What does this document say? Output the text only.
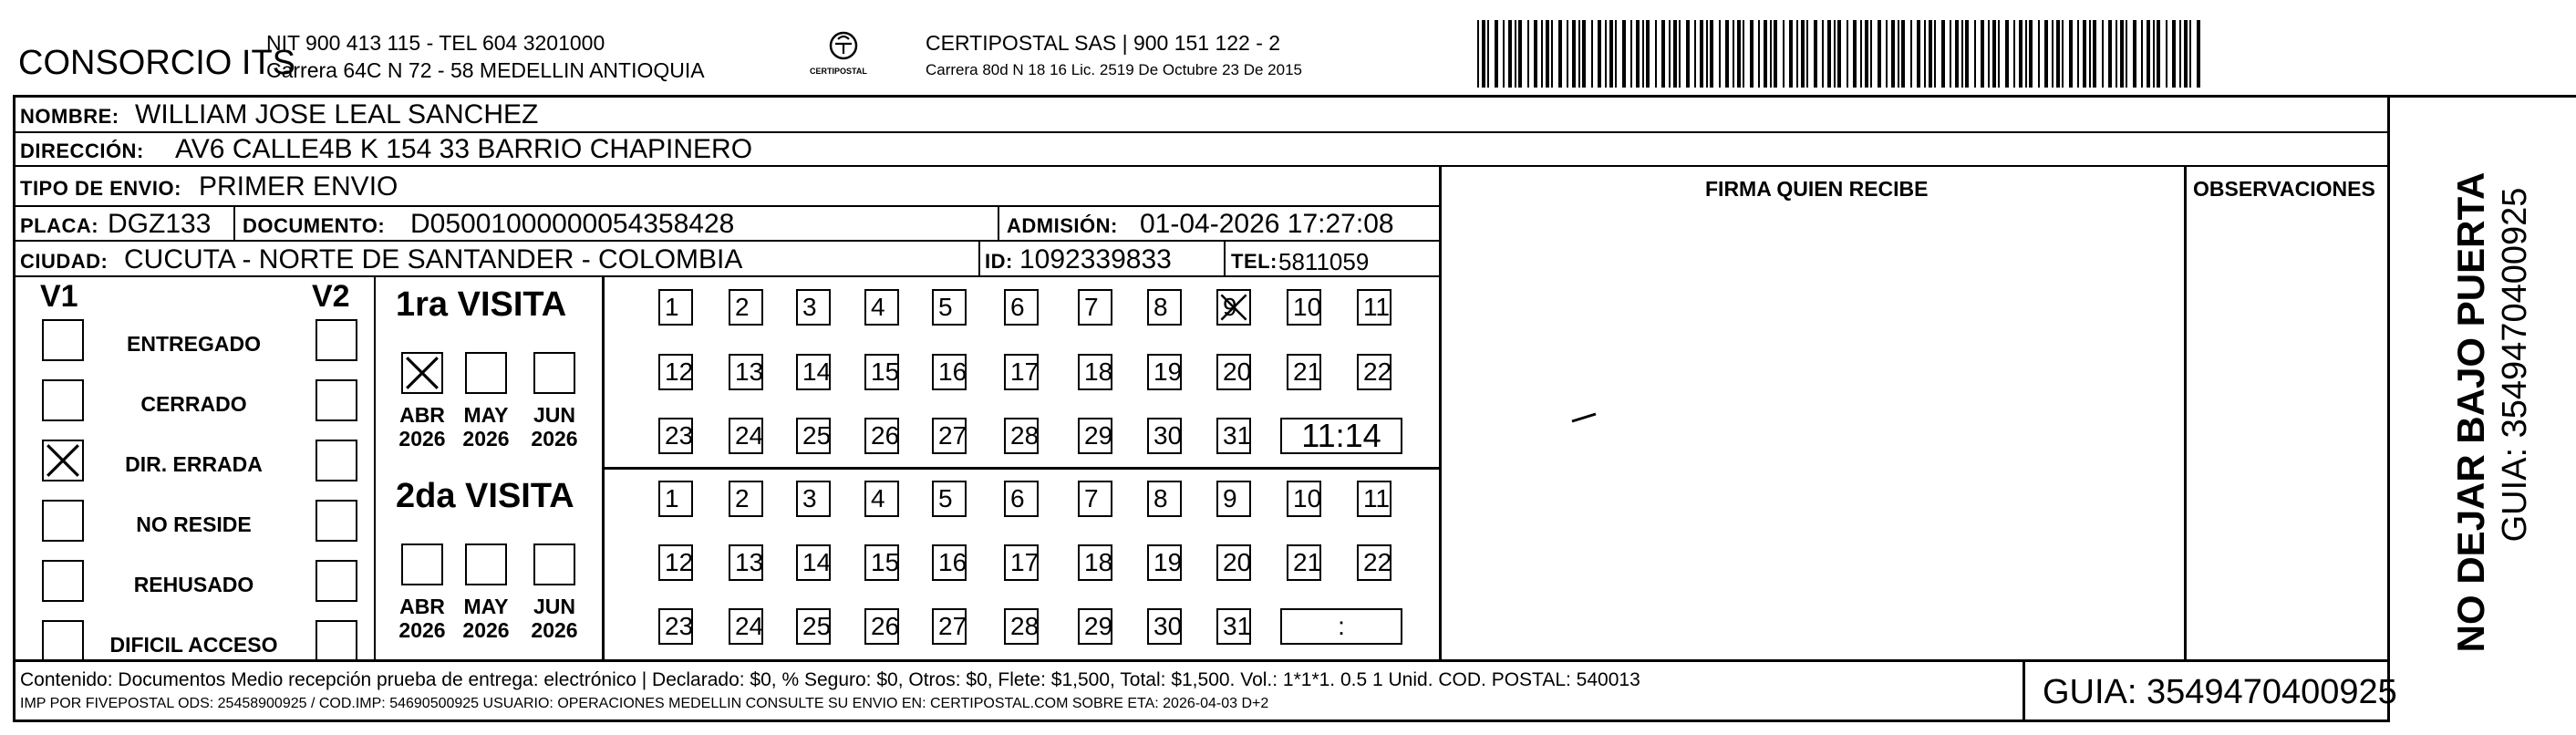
CONSORCIO ITS
NIT 900 413 115 - TEL 604 3201000
Carrera 64C N 72 - 58 MEDELLIN ANTIOQUIA	CERTIPOSTAL
CERTIPOSTAL SAS | 900 151 122 - 2
Carrera 80d N 18 16 Lic. 2519 De Octubre 23 De 2015
NOMBRE: WILLIAM JOSE LEAL SANCHEZ
DIRECCIÓN: AV6 CALLE4B K 154 33 BARRIO CHAPINERO
TIPO DE ENVIO: PRIMER ENVIO	FIRMA QUIEN RECIBE	OBSERVACIONES
PLACA: DGZ133 DOCUMENTO: D05001000000054358428	ADMISIÓN: 01-04-2026 17:27:08
CIUDAD: CUCUTA - NORTE DE SANTANDER - COLOMBIA	ID: 1092339833	TEL: 5811059
V1	V2
ENTREGADO
CERRADO
DIR. ERRADA
NO RESIDE
REHUSADO
DIFICIL ACCESO
1ra VISITA
2da VISITA
ABR
2026
MAY
2026
JUN
2026
1	2	3	4	5	6	7	8	9	10 11
12 13 14 15 16 17 18 19 20 21 22
23 24 25 26 27 28 29 30 31	11:14
ABR
2026
MAY
2026
JUN
2026
1	2	3	4	5	6	7	8	9	10 11
12 13 14 15 16 17 18 19 20 21 22
23 24 25 26 27 28 29 30 31	:	NO DEJAR BAJO PUERTA GUIA: 3549470400925
Contenido: Documentos Medio recepción prueba de entrega: electrónico | Declarado: $0, % Seguro: $0, Otros: $0, Flete: $1,500, Total: $1,500. Vol.: 1*1*1. 0.5 1 Unid. COD. POSTAL: 540013
IMP POR FIVEPOSTAL ODS: 25458900925 / COD.IMP: 54690500925 USUARIO: OPERACIONES MEDELLIN CONSULTE SU ENVIO EN: CERTIPOSTAL.COM SOBRE ETA: 2026-04-03 D+2	GUIA: 3549470400925
